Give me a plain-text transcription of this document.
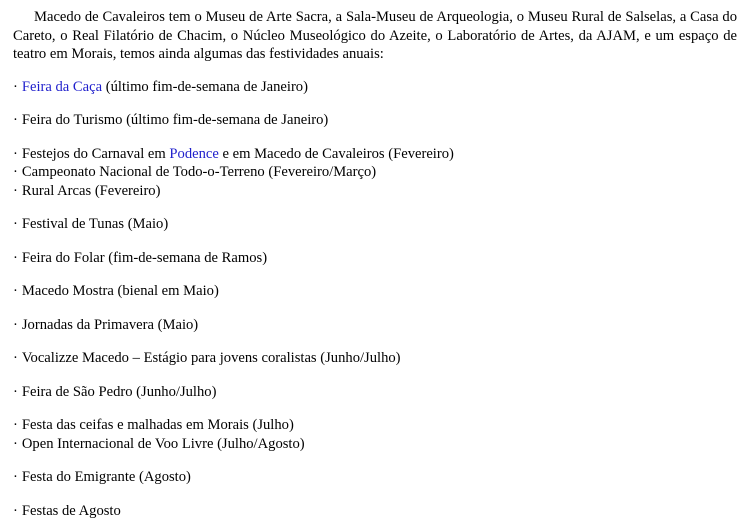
Macedo de Cavaleiros tem o Museu de Arte Sacra, a Sala-Museu de Arqueologia, o Museu Rural de Salselas, a Casa do Careto, o Real Filatório de Chacim, o Núcleo Museológico do Azeite, o Laboratório de Artes, da AJAM, e um espaço de teatro em Morais, temos ainda algumas das festividades anuais:

· Feira da Caça (último fim-de-semana de Janeiro)
· Feira do Turismo (último fim-de-semana de Janeiro)
· Festejos do Carnaval em Podence e em Macedo de Cavaleiros (Fevereiro)
· Campeonato Nacional de Todo-o-Terreno (Fevereiro/Março)
· Rural Arcas (Fevereiro)
· Festival de Tunas (Maio)
· Feira do Folar (fim-de-semana de Ramos)
· Macedo Mostra (bienal em Maio)
· Jornadas da Primavera (Maio)
· Vocalizze Macedo – Estágio para jovens coralistas (Junho/Julho)
· Feira de São Pedro (Junho/Julho)
· Festa das ceifas e malhadas em Morais (Julho)
· Open Internacional de Voo Livre (Julho/Agosto)
· Festa do Emigrante (Agosto)
· Festas de Agosto
